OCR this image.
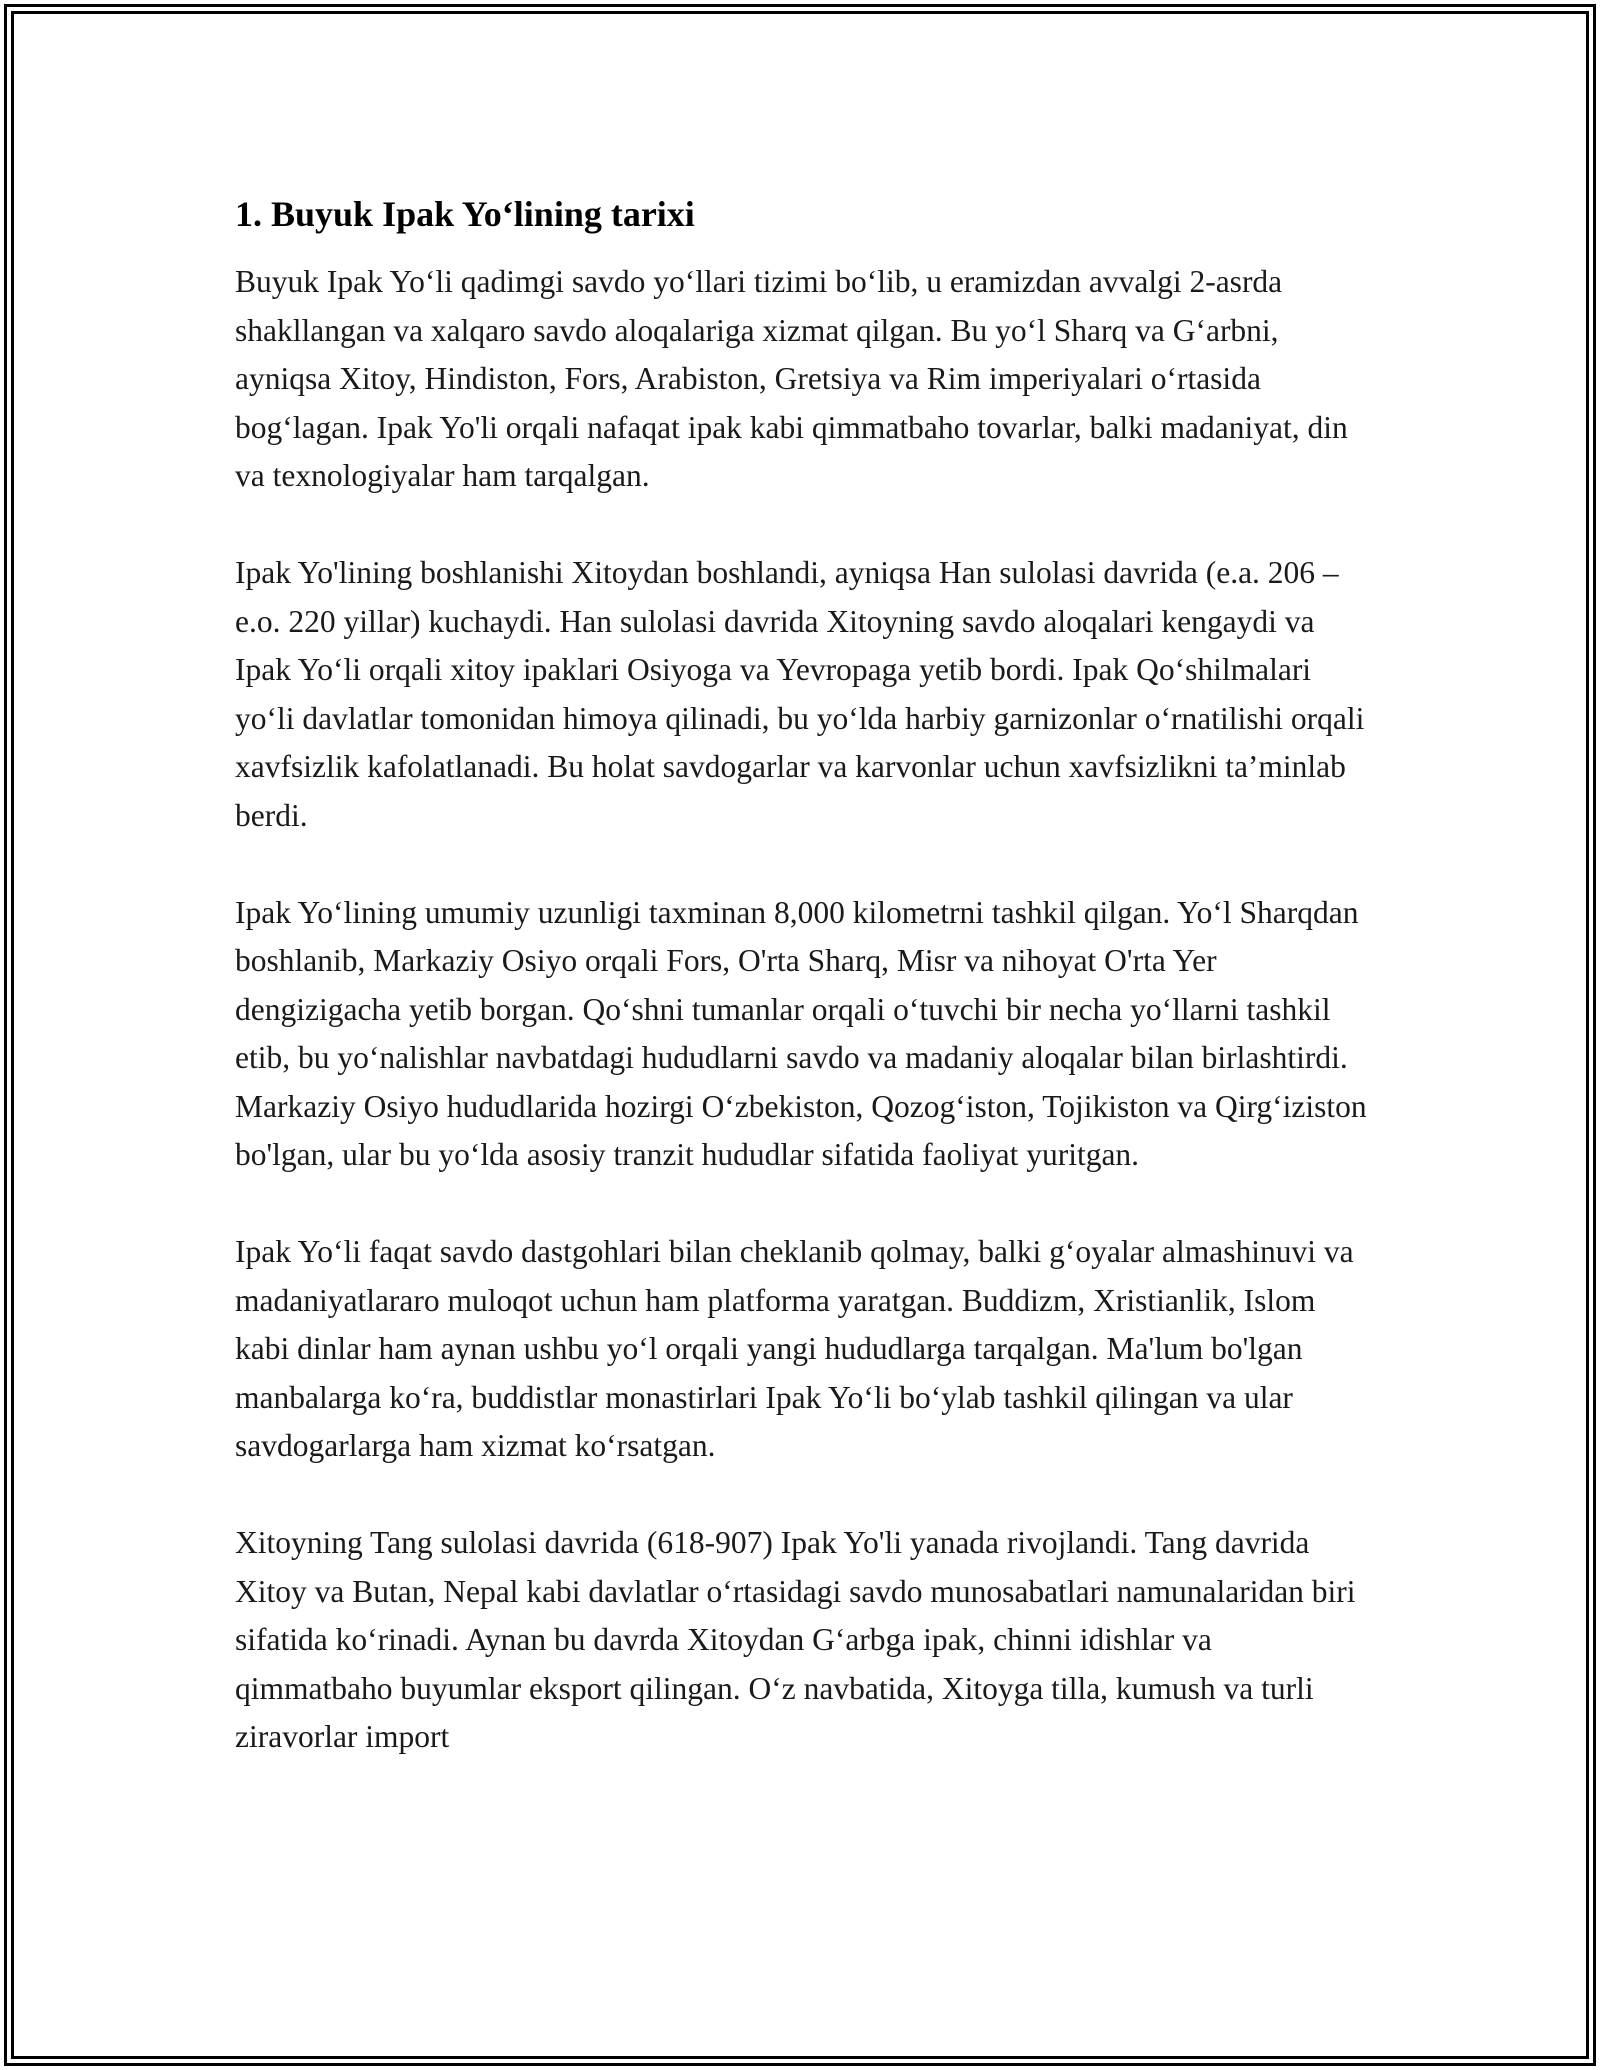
1. Buyuk Ipak Yo‘lining tarixi

Buyuk Ipak Yo‘li qadimgi savdo yo‘llari tizimi bo‘lib, u eramizdan avvalgi 2-asrda shakllangan va xalqaro savdo aloqalariga xizmat qilgan. Bu yo‘l Sharq va G‘arbni, ayniqsa Xitoy, Hindiston, Fors, Arabiston, Gretsiya va Rim imperiyalari o‘rtasida bog‘lagan. Ipak Yo'li orqali nafaqat ipak kabi qimmatbaho tovarlar, balki madaniyat, din va texnologiyalar ham tarqalgan.

Ipak Yo'lining boshlanishi Xitoydan boshlandi, ayniqsa Han sulolasi davrida (e.a. 206 – e.o. 220 yillar) kuchaydi. Han sulolasi davrida Xitoyning savdo aloqalari kengaydi va Ipak Yo‘li orqali xitoy ipaklari Osiyoga va Yevropaga yetib bordi. Ipak Qo‘shilmalari yo‘li davlatlar tomonidan himoya qilinadi, bu yo‘lda harbiy garnizonlar o‘rnatilishi orqali xavfsizlik kafolatlanadi. Bu holat savdogarlar va karvonlar uchun xavfsizlikni ta’minlab berdi.

Ipak Yo‘lining umumiy uzunligi taxminan 8,000 kilometrni tashkil qilgan. Yo‘l Sharqdan boshlanib, Markaziy Osiyo orqali Fors, O'rta Sharq, Misr va nihoyat O'rta Yer dengizigacha yetib borgan. Qo‘shni tumanlar orqali o‘tuvchi bir necha yo‘llarni tashkil etib, bu yo‘nalishlar navbatdagi hududlarni savdo va madaniy aloqalar bilan birlashtirdi. Markaziy Osiyo hududlarida hozirgi O‘zbekiston, Qozog‘iston, Tojikiston va Qirg‘iziston bo'lgan, ular bu yo‘lda asosiy tranzit hududlar sifatida faoliyat yuritgan.

Ipak Yo‘li faqat savdo dastgohlari bilan cheklanib qolmay, balki g‘oyalar almashinuvi va madaniyatlararo muloqot uchun ham platforma yaratgan. Buddizm, Xristianlik, Islom kabi dinlar ham aynan ushbu yo‘l orqali yangi hududlarga tarqalgan. Ma'lum bo'lgan manbalarga ko‘ra, buddistlar monastirlari Ipak Yo‘li bo‘ylab tashkil qilingan va ular savdogarlarga ham xizmat ko‘rsatgan.

Xitoyning Tang sulolasi davrida (618-907) Ipak Yo'li yanada rivojlandi. Tang davrida Xitoy va Butan, Nepal kabi davlatlar o‘rtasidagi savdo munosabatlari namunalaridan biri sifatida ko‘rinadi. Aynan bu davrda Xitoydan G‘arbga ipak, chinni idishlar va qimmatbaho buyumlar eksport qilingan. O‘z navbatida, Xitoyga tilla, kumush va turli ziravorlar import
